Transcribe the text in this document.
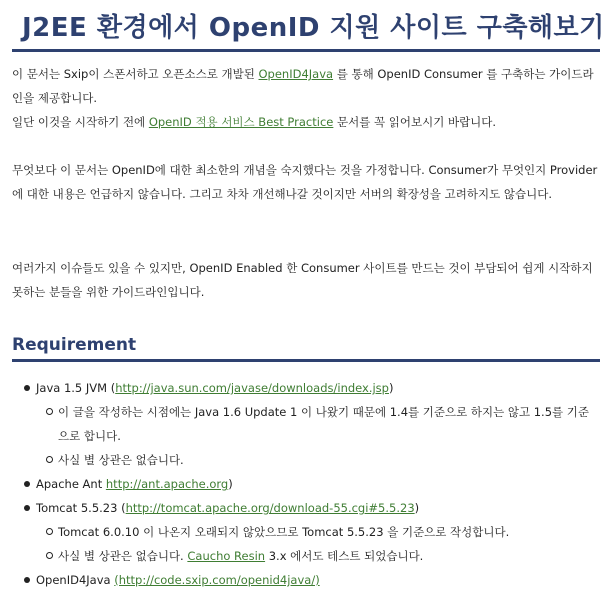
J2EE 환경에서 OpenID 지원 사이트 구축해보기

이 문서는 Sxip이 스폰서하고 오픈소스로 개발된 OpenID4Java 를 통해 OpenID Consumer 를 구축하는 가이드라인을 제공합니다.

일단 이것을 시작하기 전에 OpenID 적용 서비스 Best Practice 문서를 꼭 읽어보시기 바랍니다.

무엇보다 이 문서는 OpenID에 대한 최소한의 개념을 숙지했다는 것을 가정합니다. Consumer가 무엇인지 Provider에 대한 내용은 언급하지 않습니다. 그리고 차차 개선해나갈 것이지만 서버의 확장성을 고려하지도 않습니다.

여러가지 이슈들도 있을 수 있지만, OpenID Enabled 한 Consumer 사이트를 만드는 것이 부담되어 쉽게 시작하지 못하는 분들을 위한 가이드라인입니다.

Requirement
Java 1.5 JVM (http://java.sun.com/javase/downloads/index.jsp)
이 글을 작성하는 시점에는 Java 1.6 Update 1 이 나왔기 때문에 1.4를 기준으로 하지는 않고 1.5를 기준으로 합니다.
사실 별 상관은 없습니다.
Apache Ant http://ant.apache.org)
Tomcat 5.5.23 (http://tomcat.apache.org/download-55.cgi#5.5.23)
Tomcat 6.0.10 이 나온지 오래되지 않았으므로 Tomcat 5.5.23 을 기준으로 작성합니다.
사실 별 상관은 없습니다. Caucho Resin 3.x 에서도 테스트 되었습니다.
OpenID4Java (http://code.sxip.com/openid4java/)
